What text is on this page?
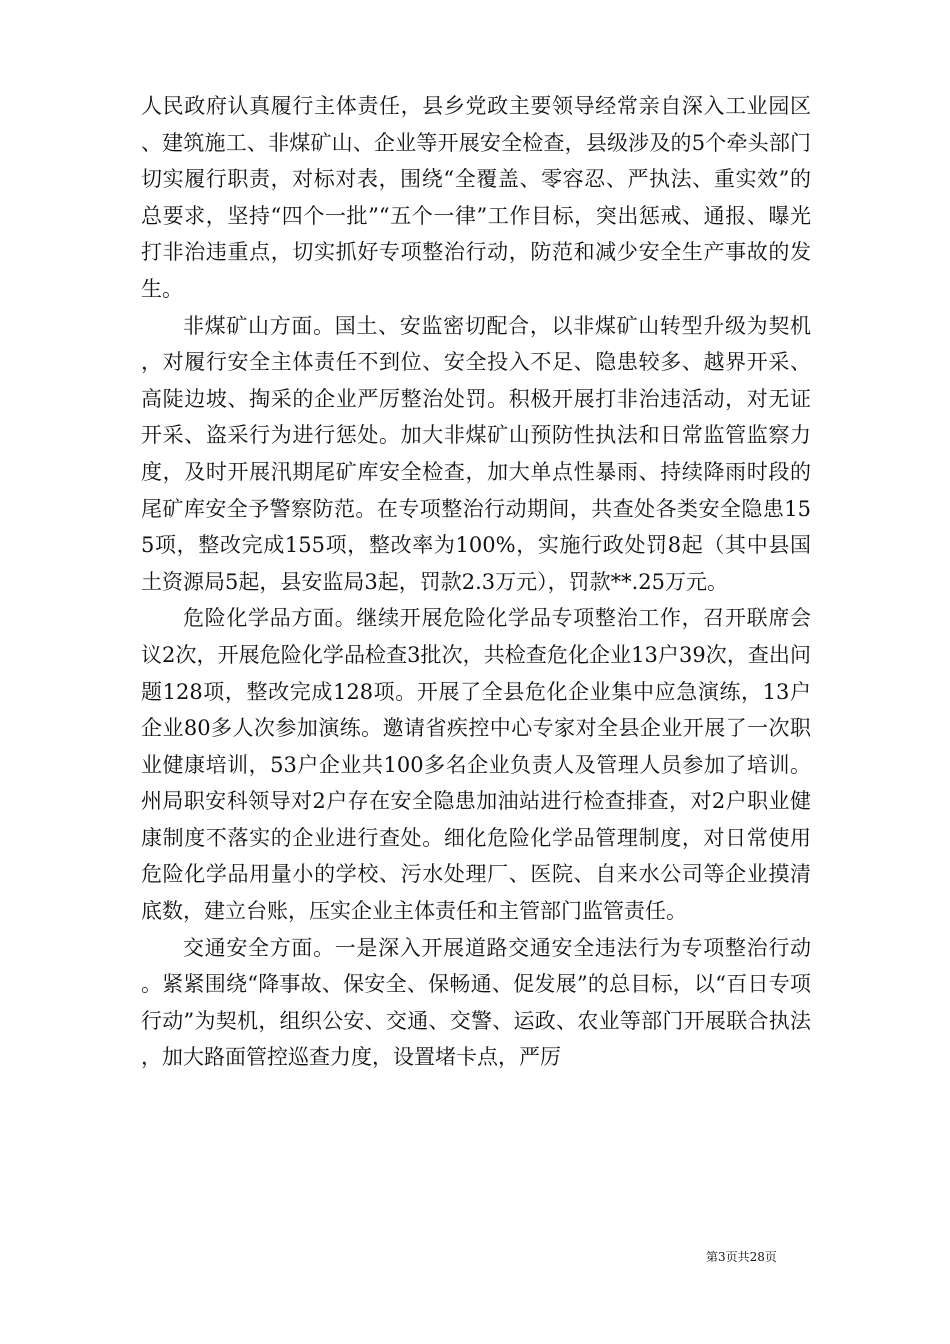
人民政府认真履行主体责任，县乡党政主要领导经常亲自深入工业园区、建筑施工、非煤矿山、企业等开展安全检查，县级涉及的5个牵头部门切实履行职责，对标对表，围绕“全覆盖、零容忍、严执法、重实效”的总要求，坚持“四个一批”“五个一律”工作目标，突出惩戒、通报、曝光打非治违重点，切实抓好专项整治行动，防范和减少安全生产事故的发生。

非煤矿山方面。国土、安监密切配合，以非煤矿山转型升级为契机，对履行安全主体责任不到位、安全投入不足、隐患较多、越界开采、高陡边坡、掏采的企业严厉整治处罚。积极开展打非治违活动，对无证开采、盗采行为进行惩处。加大非煤矿山预防性执法和日常监管监察力度，及时开展汛期尾矿库安全检查，加大单点性暴雨、持续降雨时段的尾矿库安全予警察防范。在专项整治行动期间，共查处各类安全隐患155项，整改完成155项，整改率为100%，实施行政处罚8起（其中县国土资源局5起，县安监局3起，罚款2.3万元），罚款**.25万元。

危险化学品方面。继续开展危险化学品专项整治工作，召开联席会议2次，开展危险化学品检查3批次，共检查危化企业13户39次，查出问题128项，整改完成128项。开展了全县危化企业集中应急演练，13户企业80多人次参加演练。邀请省疾控中心专家对全县企业开展了一次职业健康培训，53户企业共100多名企业负责人及管理人员参加了培训。州局职安科领导对2户存在安全隐患加油站进行检查排查，对2户职业健康制度不落实的企业进行查处。细化危险化学品管理制度，对日常使用危险化学品用量小的学校、污水处理厂、医院、自来水公司等企业摸清底数，建立台账，压实企业主体责任和主管部门监管责任。

交通安全方面。一是深入开展道路交通安全违法行为专项整治行动。紧紧围绕“降事故、保安全、保畅通、促发展”的总目标，以“百日专项行动”为契机，组织公安、交通、交警、运政、农业等部门开展联合执法，加大路面管控巡查力度，设置堵卡点，严厉

第3页共28页
